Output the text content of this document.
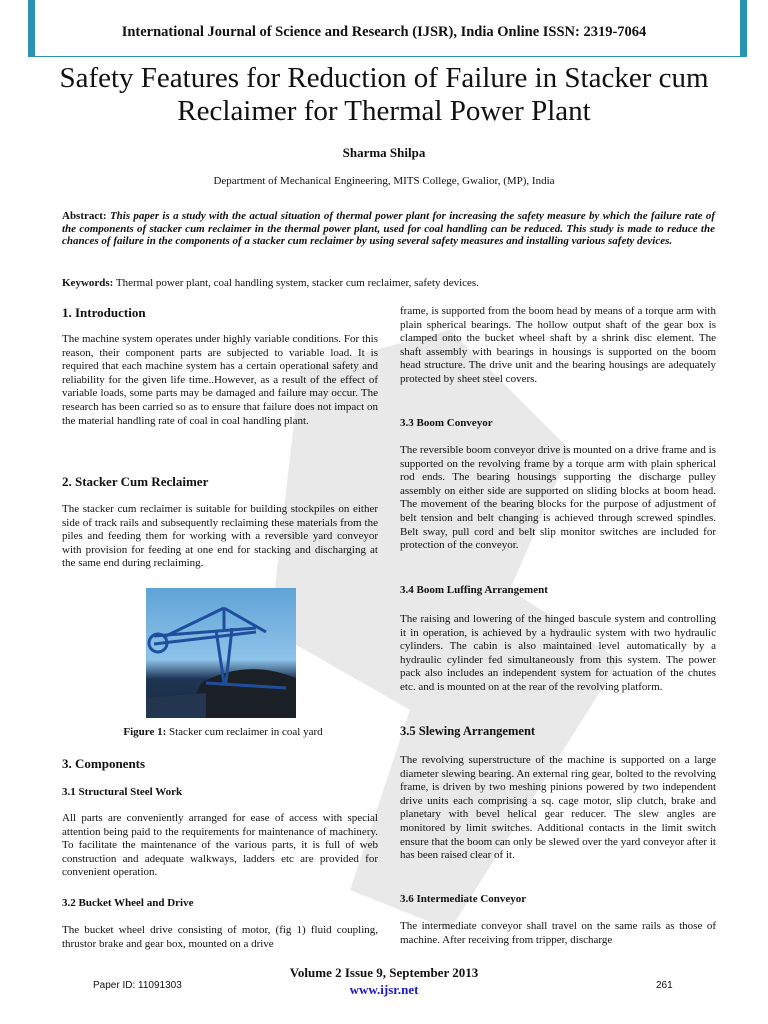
International Journal of Science and Research (IJSR), India Online ISSN: 2319-7064
Safety Features for Reduction of Failure in Stacker cum Reclaimer for Thermal Power Plant
Sharma Shilpa
Department of Mechanical Engineering, MITS College, Gwalior, (MP), India
Abstract: This paper is a study with the actual situation of thermal power plant for increasing the safety measure by which the failure rate of the components of stacker cum reclaimer in the thermal power plant, used for coal handling can be reduced. This study is made to reduce the chances of failure in the components of a stacker cum reclaimer by using several safety measures and installing various safety devices.
Keywords: Thermal power plant, coal handling system, stacker cum reclaimer, safety devices.
1. Introduction

The machine system operates under highly variable conditions. For this reason, their component parts are subjected to variable load. It is required that each machine system has a certain operational safety and reliability for the given life time..However, as a result of the effect of variable loads, some parts may be damaged and failure may occur. The research has been carried so as to ensure that failure does not impact on the material handling rate of coal in coal handling plant.

2. Stacker Cum Reclaimer

The stacker cum reclaimer is suitable for building stockpiles on either side of track rails and subsequently reclaiming these materials from the piles and feeding them for working with a reversible yard conveyor with provision for feeding at one end for stacking and discharging at the same end during reclaiming.

Figure 1: Stacker cum reclaimer in coal yard
3. Components
3.1 Structural Steel Work

All parts are conveniently arranged for ease of access with special attention being paid to the requirements for maintenance of machinery. To facilitate the maintenance of the various parts, it is full of web construction and adequate walkways, ladders etc are provided for convenient operation.

3.2 Bucket Wheel and Drive

The bucket wheel drive consisting of motor, (fig 1) fluid coupling, thrustor brake and gear box, mounted on a drive

frame, is supported from the boom head by means of a torque arm with plain spherical bearings. The hollow output shaft of the gear box is clamped onto the bucket wheel shaft by a shrink disc element. The shaft assembly with bearings in housings is supported on the boom head structure. The drive unit and the bearing housings are adequately protected by sheet steel covers.

3.3 Boom Conveyor

The reversible boom conveyor drive is mounted on a drive frame and is supported on the revolving frame by a torque arm with plain spherical rod ends. The bearing housings supporting the discharge pulley assembly on either side are supported on sliding blocks at boom head. The movement of the bearing blocks for the purpose of adjustment of belt tension and belt changing is achieved through screwed spindles. Belt sway, pull cord and belt slip monitor switches are included for protection of the conveyor.

3.4 Boom Luffing Arrangement

The raising and lowering of the hinged bascule system and controlling it in operation, is achieved by a hydraulic system with two hydraulic cylinders. The cabin is also maintained level automatically by a hydraulic cylinder fed simultaneously from this system. The power pack also includes an independent system for actuation of the chutes etc. and is mounted on at the rear of the revolving platform.

3.5 Slewing Arrangement

The revolving superstructure of the machine is supported on a large diameter slewing bearing. An external ring gear, bolted to the revolving frame, is driven by two meshing pinions powered by two independent drive units each comprising a sq. cage motor, slip clutch, brake and planetary with bevel helical gear reducer. The slew angles are monitored by limit switches. Additional contacts in the limit switch ensure that the boom can only be slewed over the yard conveyor after it has been raised clear of it.

3.6 Intermediate Conveyor

The intermediate conveyor shall travel on the same rails as those of machine. After receiving from tripper, discharge

Volume 2 Issue 9, September 2013
www.ijsr.net
Paper ID: 11091303	261
